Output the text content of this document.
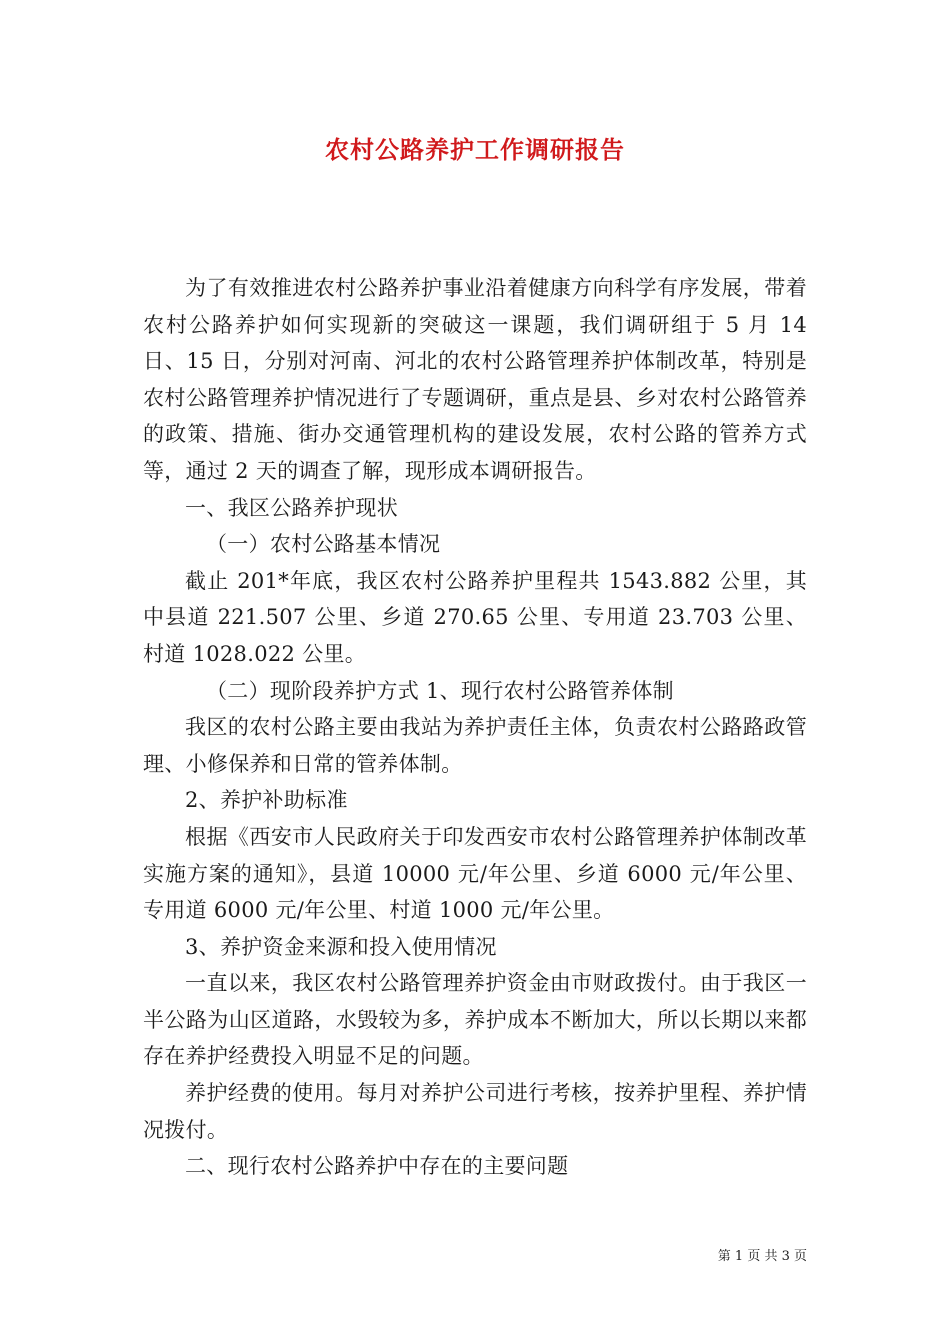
农村公路养护工作调研报告

为了有效推进农村公路养护事业沿着健康方向科学有序发展，带着农村公路养护如何实现新的突破这一课题，我们调研组于 5 月 14 日、15 日，分别对河南、河北的农村公路管理养护体制改革，特别是农村公路管理养护情况进行了专题调研，重点是县、乡对农村公路管养的政策、措施、街办交通管理机构的建设发展，农村公路的管养方式等，通过 2 天的调查了解，现形成本调研报告。

一、我区公路养护现状

（一）农村公路基本情况

截止 201*年底，我区农村公路养护里程共 1543.882 公里，其中县道 221.507 公里、乡道 270.65 公里、专用道 23.703 公里、村道 1028.022 公里。

（二）现阶段养护方式 1、现行农村公路管养体制

我区的农村公路主要由我站为养护责任主体，负责农村公路路政管理、小修保养和日常的管养体制。

2、养护补助标准

根据《西安市人民政府关于印发西安市农村公路管理养护体制改革实施方案的通知》，县道 10000 元/年公里、乡道 6000 元/年公里、专用道 6000 元/年公里、村道 1000 元/年公里。

3、养护资金来源和投入使用情况

一直以来，我区农村公路管理养护资金由市财政拨付。由于我区一半公路为山区道路，水毁较为多，养护成本不断加大，所以长期以来都存在养护经费投入明显不足的问题。

养护经费的使用。每月对养护公司进行考核，按养护里程、养护情况拨付。

二、现行农村公路养护中存在的主要问题

第 1 页 共 3 页
